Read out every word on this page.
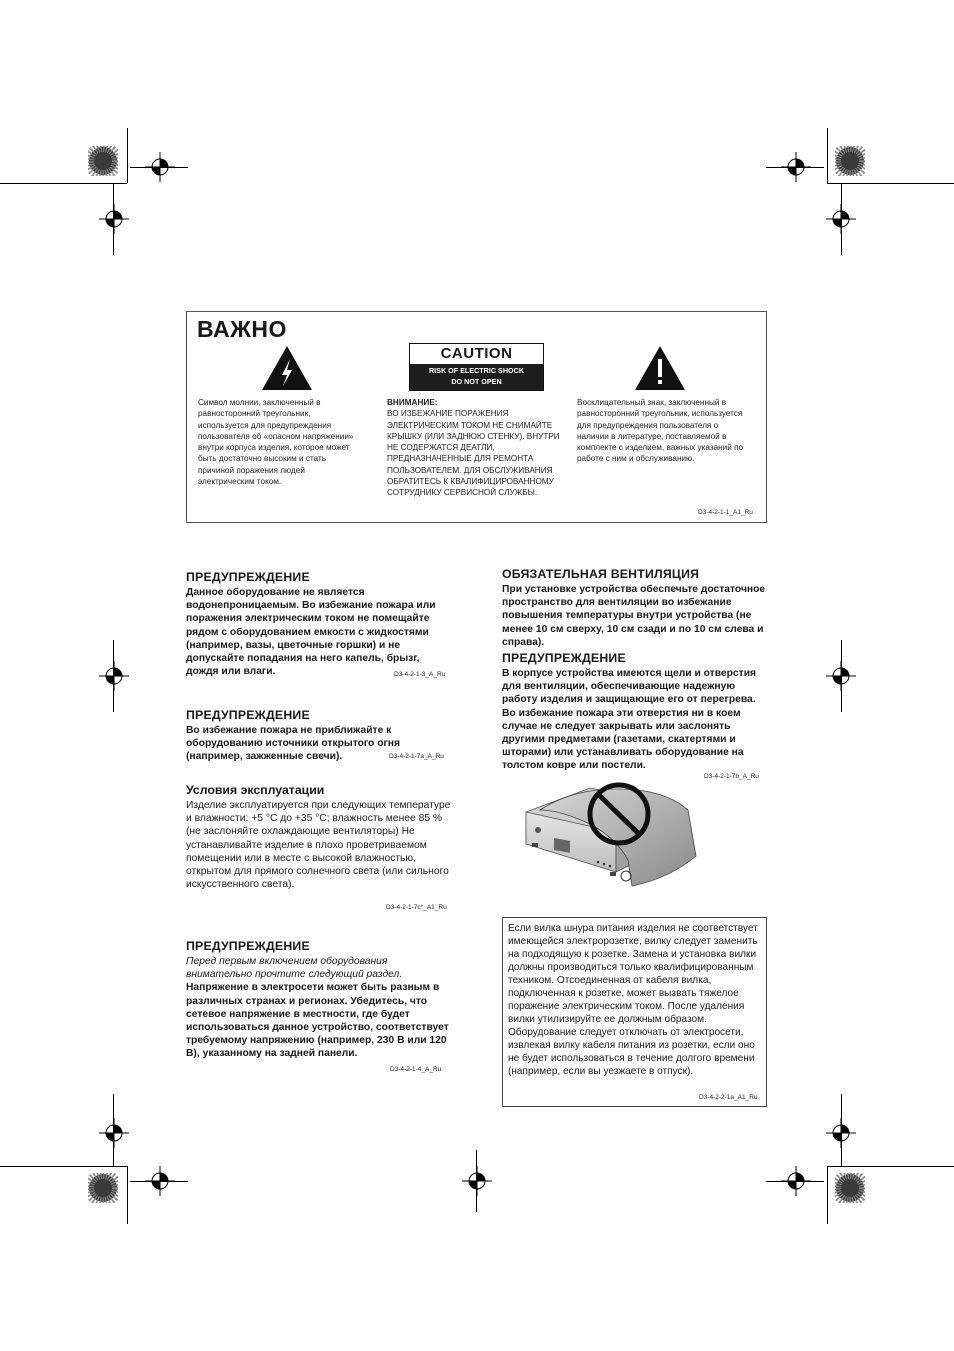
ВАЖНО
Символ молнии, заключенный в равносторонний треугольник, используется для предупреждения пользователя об «опасном напряжении» внутри корпуса изделия, которое может быть достаточно высоким и стать причиной поражения людей электрическим током.
CAUTION
RISK OF ELECTRIC SHOCK
DO NOT OPEN
ВНИМАНИЕ:
ВО ИЗБЕЖАНИЕ ПОРАЖЕНИЯ ЭЛЕКТРИЧЕСКИМ ТОКОМ НЕ СНИМАЙТЕ КРЫШКУ (ИЛИ ЗАДНЮЮ СТЕНКУ). ВНУТРИ НЕ СОДЕРЖАТСЯ ДЕАТЛИ, ПРЕДНАЗНАЧЕННЫЕ ДЛЯ РЕМОНТА ПОЛЬЗОВАТЕЛЕМ. ДЛЯ ОБСЛУЖИВАНИЯ ОБРАТИТЕСЬ К КВАЛИФИЦИРОВАННОМУ СОТРУДНИКУ СЕРВИСНОЙ СЛУЖБЫ.
Восклицательный знак, заключенный в равносторонний треугольник, используется для предупреждения пользователя о наличии в литературе, поставляемой в комплекте с изделием, важных указаний по работе с ним и обслуживанию.
D3-4-2-1-1_A1_Ru
ПРЕДУПРЕЖДЕНИЕ
Данное оборудование не является водонепроницаемым. Во избежание пожара или поражения электрическим током не помещайте рядом с оборудованием емкости с жидкостями (например, вазы, цветочные горшки) и не допускайте попадания на него капель, брызг, дождя или влаги.	D3-4-2-1-3_A_Ru
ПРЕДУПРЕЖДЕНИЕ
Во избежание пожара не приближайте к оборудованию источники открытого огня (например, зажженные свечи).	D3-4-2-1-7a_A_Ru
Условия эксплуатации
Изделие эксплуатируется при следующих температуре и влажности: +5 °C до +35 °C; влажность менее 85 % (не заслоняйте охлаждающие вентиляторы) Не устанавливайте изделие в плохо проветриваемом помещении или в месте с высокой влажностью, открытом для прямого солнечного света (или сильного искусственного света).
D3-4-2-1-7c*_A1_Ru
ПРЕДУПРЕЖДЕНИЕ
Перед первым включением оборудования внимательно прочтите следующий раздел.
Напряжение в электросети может быть разным в различных странах и регионах. Убедитесь, что сетевое напряжение в местности, где будет использоваться данное устройство, соответствует требуемому напряжению (например, 230 В или 120 В), указанному на задней панели.
D3-4-2-1-4_A_Ru
ОБЯЗАТЕЛЬНАЯ ВЕНТИЛЯЦИЯ
При установке устройства обеспечьте достаточное пространство для вентиляции во избежание повышения температуры внутри устройства (не менее 10 см сверху, 10 см сзади и по 10 см слева и справа).
ПРЕДУПРЕЖДЕНИЕ
В корпусе устройства имеются щели и отверстия для вентиляции, обеспечивающие надежную работу изделия и защищающие его от перегрева. Во избежание пожара эти отверстия ни в коем случае не следует закрывать или заслонять другими предметами (газетами, скатертями и шторами) или устанавливать оборудование на толстом ковре или постели.
D3-4-2-1-7b_A_Ru
Если вилка шнура питания изделия не соответствует имеющейся электророзетке, вилку следует заменить на подходящую к розетке. Замена и установка вилки должны производиться только квалифицированным техником. Отсоединенная от кабеля вилка, подключенная к розетке, может вызвать тяжелое поражение электрическим током. После удаления вилки утилизируйте ее должным образом. Оборудование следует отключать от электросети, извлекая вилку кабеля питания из розетки, если оно не будет использоваться в течение долгого времени (например, если вы уезжаете в отпуск).
D3-4-2-2-1a_A1_Ru
